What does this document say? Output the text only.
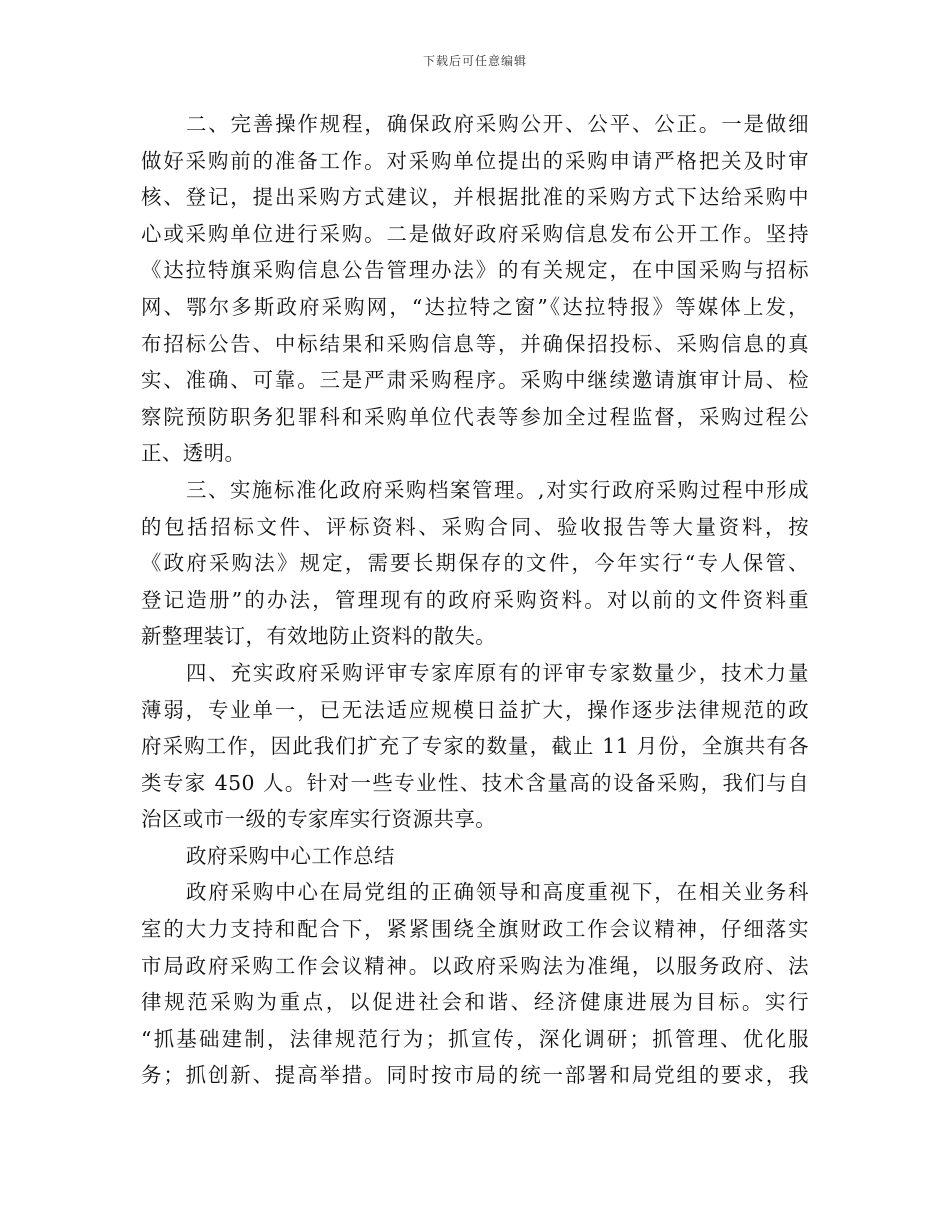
下载后可任意编辑
二、完善操作规程，确保政府采购公开、公平、公正。一是做细
做好采购前的准备工作。对采购单位提出的采购申请严格把关及时审
核、登记，提出采购方式建议，并根据批准的采购方式下达给采购中
心或采购单位进行采购。二是做好政府采购信息发布公开工作。坚持
《达拉特旗采购信息公告管理办法》的有关规定，在中国采购与招标
网、鄂尔多斯政府采购网，“达拉特之窗”《达拉特报》等媒体上发，
布招标公告、中标结果和采购信息等，并确保招投标、采购信息的真
实、准确、可靠。三是严肃采购程序。采购中继续邀请旗审计局、检
察院预防职务犯罪科和采购单位代表等参加全过程监督，采购过程公
正、透明。
三、实施标准化政府采购档案管理。,对实行政府采购过程中形成
的包括招标文件、评标资料、采购合同、验收报告等大量资料，按
《政府采购法》规定，需要长期保存的文件，今年实行“专人保管、
登记造册”的办法，管理现有的政府采购资料。对以前的文件资料重
新整理装订，有效地防止资料的散失。
四、充实政府采购评审专家库原有的评审专家数量少，技术力量
薄弱，专业单一，已无法适应规模日益扩大，操作逐步法律规范的政
府采购工作，因此我们扩充了专家的数量，截止 11 月份，全旗共有各
类专家 450 人。针对一些专业性、技术含量高的设备采购，我们与自
治区或市一级的专家库实行资源共享。
政府采购中心工作总结
政府采购中心在局党组的正确领导和高度重视下，在相关业务科
室的大力支持和配合下，紧紧围绕全旗财政工作会议精神，仔细落实
市局政府采购工作会议精神。以政府采购法为准绳，以服务政府、法
律规范采购为重点，以促进社会和谐、经济健康进展为目标。实行
“抓基础建制，法律规范行为；抓宣传，深化调研；抓管理、优化服
务；抓创新、提高举措。同时按市局的统一部署和局党组的要求，我
